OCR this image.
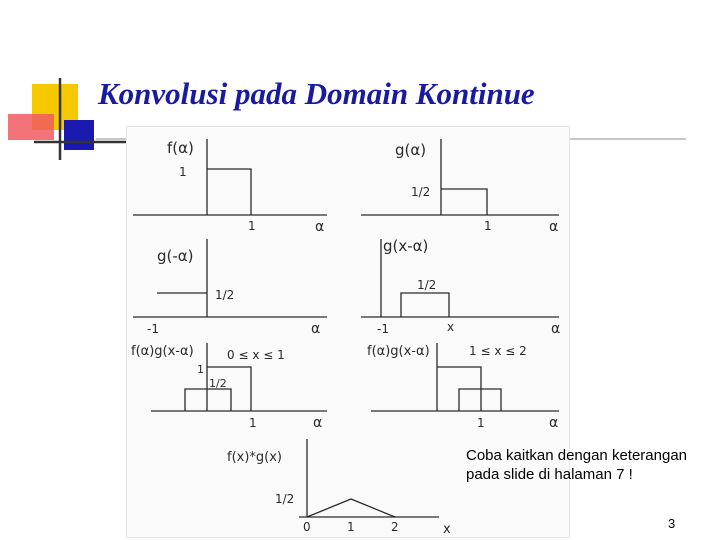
Konvolusi pada Domain Kontinue
f(α)
1
1	α
g(α)
1/2
1	α
g(-α)
1/2
-1	α
g(x-α)
1/2
-1	x	α
f(α)g(x-α)	0 ≤ x ≤ 1
1
1/2
1	α
f(α)g(x-α)	1 ≤ x ≤ 2
1	α
f(x)*g(x)
1/2
0	1	2	x
Coba kaitkan dengan keterangan pada slide di halaman 7 !
3
